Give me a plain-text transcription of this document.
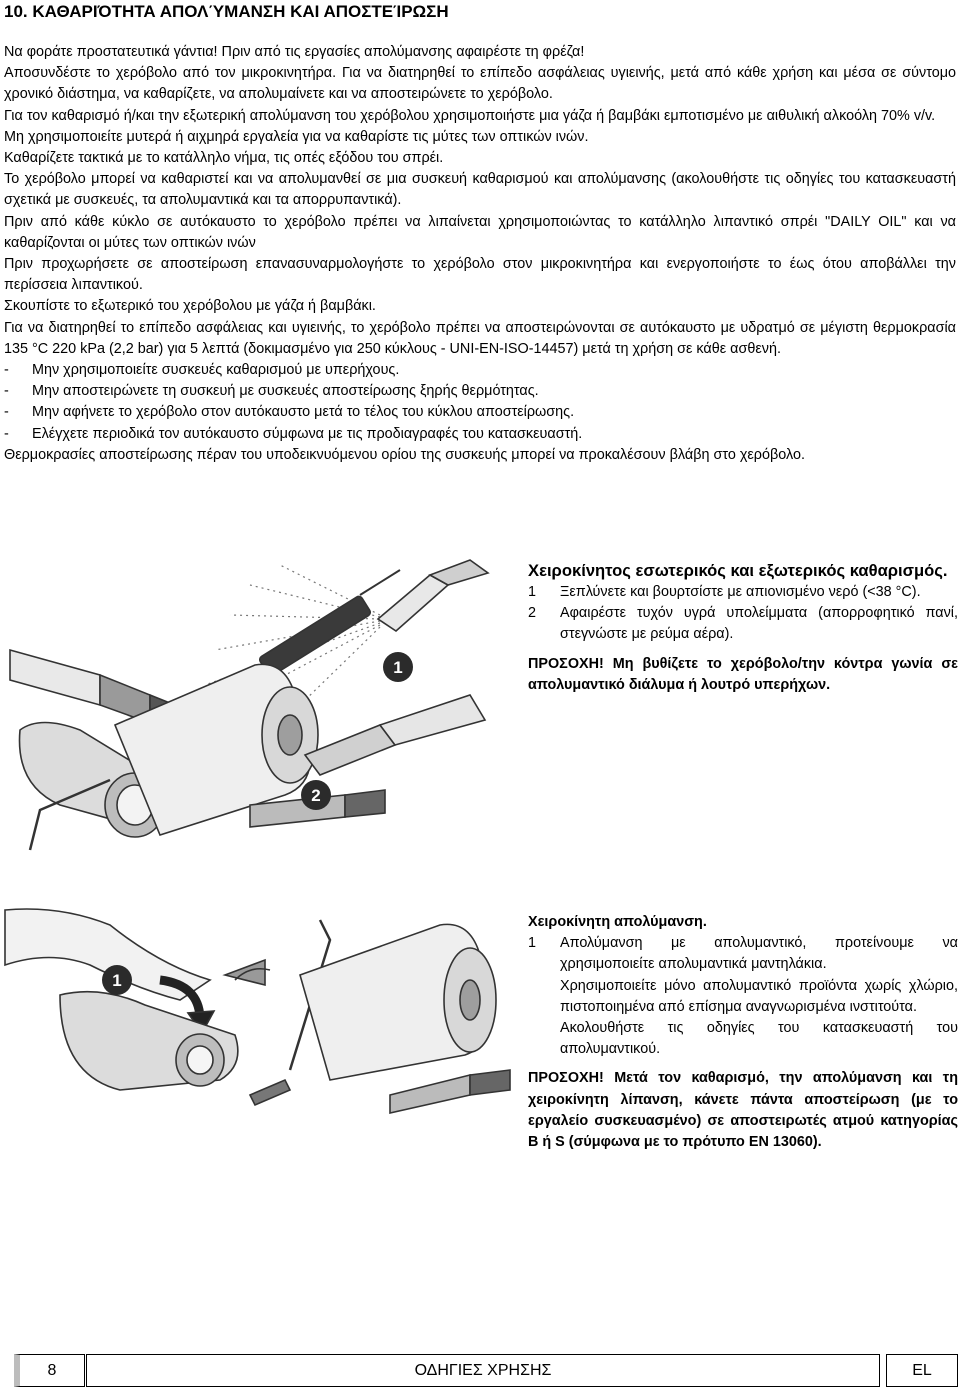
10. ΚΑΘΑΡΙΌΤΗΤΑ ΑΠΟΛΎΜΑΝΣΗ ΚΑΙ ΑΠΟΣΤΕΊΡΩΣΗ

Να φοράτε προστατευτικά γάντια! Πριν από τις εργασίες απολύμανσης αφαιρέστε τη φρέζα!

Αποσυνδέστε το χερόβολο από τον μικροκινητήρα. Για να διατηρηθεί το επίπεδο ασφάλειας υγιεινής, μετά από κάθε χρήση και μέσα σε σύντομο χρονικό διάστημα, να καθαρίζετε, να απολυμαίνετε και να αποστειρώνετε το χερόβολο.

Για τον καθαρισμό ή/και την εξωτερική απολύμανση του χερόβολου χρησιμοποιήστε μια γάζα ή βαμβάκι εμποτισμένο με αιθυλική αλκοόλη 70% v/v.

Μη χρησιμοποιείτε μυτερά ή αιχμηρά εργαλεία για να καθαρίστε τις μύτες των οπτικών ινών.

Καθαρίζετε τακτικά με το κατάλληλο νήμα, τις οπές εξόδου του σπρέι.

Το χερόβολο μπορεί να καθαριστεί και να απολυμανθεί σε μια συσκευή καθαρισμού και απολύμανσης (ακολουθήστε τις οδηγίες του κατασκευαστή σχετικά με συσκευές, τα απολυμαντικά και τα απορρυπαντικά).

Πριν από κάθε κύκλο σε αυτόκαυστο το χερόβολο πρέπει να λιπαίνεται χρησιμοποιώντας το κατάλληλο λιπαντικό σπρέι "DAILY OIL" και να καθαρίζονται οι μύτες των οπτικών ινών

Πριν προχωρήσετε σε αποστείρωση επανασυναρμολογήστε το χερόβολο στον μικροκινητήρα και ενεργοποιήστε το έως ότου αποβάλλει την περίσσεια λιπαντικού.

Σκουπίστε το εξωτερικό του χερόβολου με γάζα ή βαμβάκι.

Για να διατηρηθεί το επίπεδο ασφάλειας και υγιεινής, το χερόβολο πρέπει να αποστειρώνονται σε αυτόκαυστο με υδρατμό σε μέγιστη θερμοκρασία 135 °C 220 kPa (2,2 bar) για 5 λεπτά (δοκιμασμένο για 250 κύκλους - UNI-EN-ISO-14457) μετά τη χρήση σε κάθε ασθενή.

- Μην χρησιμοποιείτε συσκευές καθαρισμού με υπερήχους.

- Μην αποστειρώνετε τη συσκευή με συσκευές αποστείρωσης ξηρής θερμότητας.

- Μην αφήνετε το χερόβολο στον αυτόκαυστο μετά το τέλος του κύκλου αποστείρωσης.

- Ελέγχετε περιοδικά τον αυτόκαυστο σύμφωνα με τις προδιαγραφές του κατασκευαστή.

Θερμοκρασίες αποστείρωσης πέραν του υποδεικνυόμενου ορίου της συσκευής μπορεί να προκαλέσουν βλάβη στο χερόβολο.

1
2

Χειροκίνητος εσωτερικός και εξωτερικός καθαρισμός.

1 Ξεπλύνετε και βουρτσίστε με απιονισμένο νερό (<38 °C).
2 Αφαιρέστε τυχόν υγρά υπολείμματα (απορροφητικό πανί, στεγνώστε με ρεύμα αέρα).

ΠΡΟΣΟΧΗ! Μη βυθίζετε το χερόβολο/την κόντρα γωνία σε απολυμαντικό διάλυμα ή λουτρό υπερήχων.

1

Χειροκίνητη απολύμανση.

1 Απολύμανση με απολυμαντικό, προτείνουμε να χρησιμοποιείτε απολυμαντικά μαντηλάκια.

Χρησιμοποιείτε μόνο απολυμαντικό προϊόντα χωρίς χλώριο, πιστοποιημένα από επίσημα αναγνωρισμένα ινστιτούτα.

Ακολουθήστε τις οδηγίες του κατασκευαστή του απολυμαντικού.

ΠΡΟΣΟΧΗ! Μετά τον καθαρισμό, την απολύμανση και τη χειροκίνητη λίπανση, κάνετε πάντα αποστείρωση (με το εργαλείο συσκευασμένο) σε αποστειρωτές ατμού κατηγορίας B ή S (σύμφωνα με το πρότυπο EN 13060).

8	ΟΔΗΓΙΕΣ ΧΡΗΣΗΣ	EL
